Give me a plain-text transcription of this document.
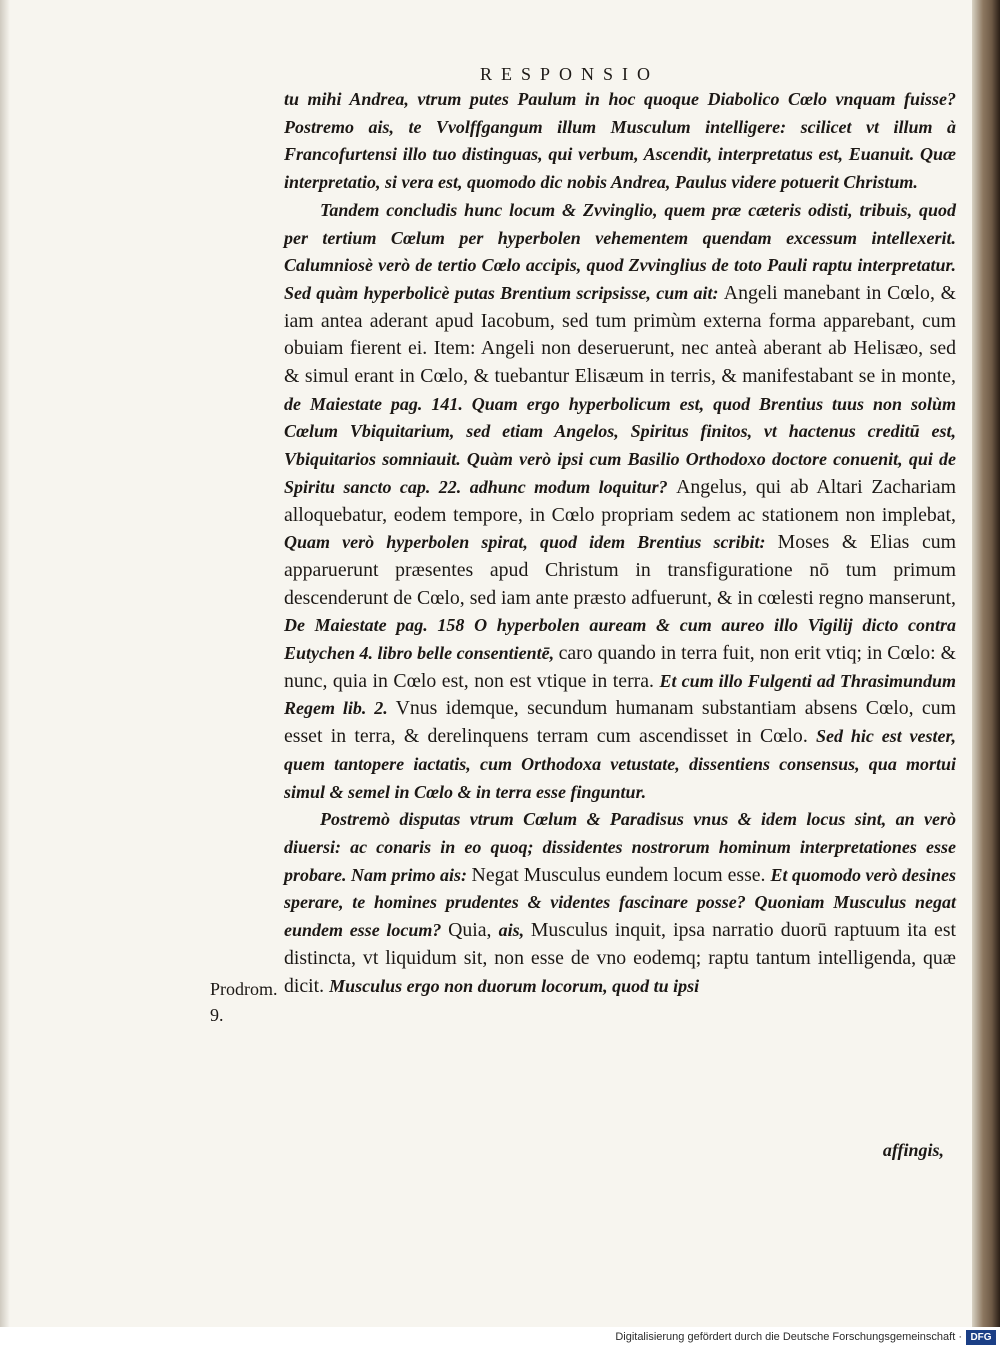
RESPONSIO

tu mihi Andrea, vtrum putes Paulum in hoc quoque Diabolico Cœlo vnquam fuisse? Postremo ais, te Vvolffgangum illum Musculum intelligere: scilicet vt illum à Francofurtensi illo tuo distinguas, qui verbum, Ascendit, interpretatus est, Euanuit. Quæ interpretatio, si vera est, quomodo dic nobis Andrea, Paulus videre potuerit Christum.

Tandem concludis hunc locum & Zvvinglio, quem præ cæteris odisti, tribuis, quod per tertium Cœlum per hyperbolen vehementem quendam excessum intellexerit. Calumniosè verò de tertio Cœlo accipis, quod Zvvinglius de toto Pauli raptu interpretatur. Sed quàm hyperbolicè putas Brentium scripsisse, cum ait: Angeli manebant in Cœlo, & iam antea aderant apud Iacobum, sed tum primùm externa forma apparebant, cum obuiam fierent ei. Item: Angeli non deseruerunt, nec anteà aberant ab Helisæo, sed & simul erant in Cœlo, & tuebantur Elisæum in terris, & manifestabant se in monte, de Maiestate pag. 141. Quam ergo hyperbolicum est, quod Brentius tuus non solùm Cœlum Vbiquitarium, sed etiam Angelos, Spiritus finitos, vt hactenus creditū est, Vbiquitarios somniauit. Quàm verò ipsi cum Basilio Orthodoxo doctore conuenit, qui de Spiritu sancto cap. 22. adhunc modum loquitur? Angelus, qui ab Altari Zachariam alloquebatur, eodem tempore, in Cœlo propriam sedem ac stationem non implebat, Quam verò hyperbolen spirat, quod idem Brentius scribit: Moses & Elias cum apparuerunt præsentes apud Christum in transfiguratione nō tum primum descenderunt de Cœlo, sed iam ante præsto adfuerunt, & in cœlesti regno manserunt, De Maiestate pag. 158 O hyperbolen auream & cum aureo illo Vigilij dicto contra Eutychen 4. libro belle consentientē, caro quando in terra fuit, non erit vtiq; in Cœlo: & nunc, quia in Cœlo est, non est vtique in terra. Et cum illo Fulgenti ad Thrasimundum Regem lib. 2. Vnus idemque, secundum humanam substantiam absens Cœlo, cum esset in terra, & derelinquens terram cum ascendisset in Cœlo. Sed hic est vester, quem tantopere iactatis, cum Orthodoxa vetustate, dissentiens consensus, qua mortui simul & semel in Cœlo & in terra esse finguntur.

Postremò disputas vtrum Cœlum & Paradisus vnus & idem locus sint, an verò diuersi: ac conaris in eo quoq; dissidentes nostrorum hominum interpretationes esse probare. Nam primo ais: Negat Musculus eundem locum esse. Et quomodo verò desines sperare, te homines prudentes & videntes fascinare posse? Quoniam Musculus negat eundem esse locum? Quia, ais, Musculus inquit, ipsa narratio duorū raptuum ita est distincta, vt liquidum sit, non esse de vno eodemq; raptu tantum intelligenda, quæ dicit. Musculus ergo non duorum locorum, quod tu ipsi

Prodrom.
9.
affingis,
Digitalisierung gefördert durch die Deutsche Forschungsgemeinschaft · DFG
